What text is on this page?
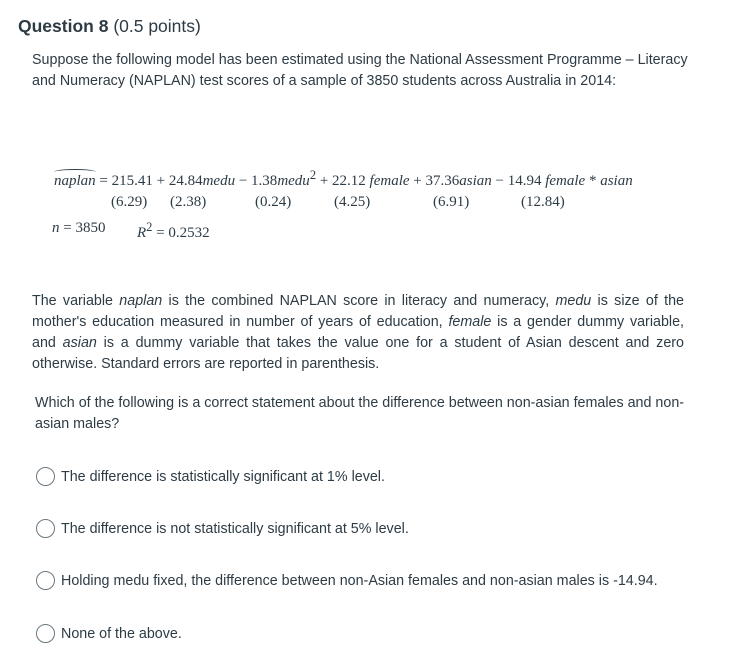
Question 8 (0.5 points)
Suppose the following model has been estimated using the National Assessment Programme – Literacy and Numeracy (NAPLAN) test scores of a sample of 3850 students across Australia in 2014:
naplan = 215.41 + 24.84medu − 1.38medu$^2$ + 22.12 female + 37.36asian − 14.94 female * asian
(6.29) (2.38)	(0.24)	(4.25)	(6.91)	(12.84)
n = 3850 $R^2 = 0.2532$
The variable naplan is the combined NAPLAN score in literacy and numeracy, medu is size of the mother's education measured in number of years of education, female is a gender dummy variable, and asian is a dummy variable that takes the value one for a student of Asian descent and zero otherwise. Standard errors are reported in parenthesis.
Which of the following is a correct statement about the difference between non-asian females and non-asian males?
The difference is statistically significant at 1% level.
The difference is not statistically significant at 5% level.
Holding medu fixed, the difference between non-Asian females and non-asian males is -14.94.
None of the above.
